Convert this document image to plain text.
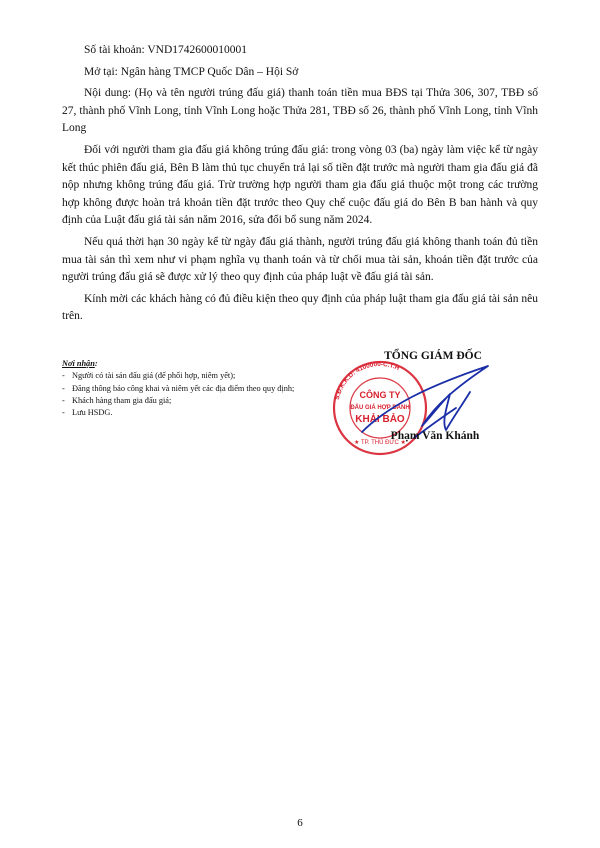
Số tài khoản: VND1742600010001

Mở tại: Ngân hàng TMCP Quốc Dân – Hội Sở

Nội dung: (Họ và tên người trúng đấu giá) thanh toán tiền mua BĐS tại Thửa 306, 307, TBĐ số 27, thành phố Vĩnh Long, tỉnh Vĩnh Long hoặc Thửa 281, TBĐ số 26, thành phố Vĩnh Long, tỉnh Vĩnh Long

Đối với người tham gia đấu giá không trúng đấu giá: trong vòng 03 (ba) ngày làm việc kể từ ngày kết thúc phiên đấu giá, Bên B làm thủ tục chuyển trả lại số tiền đặt trước mà người tham gia đấu giá đã nộp nhưng không trúng đấu giá. Trừ trường hợp người tham gia đấu giá thuộc một trong các trường hợp không được hoàn trả khoản tiền đặt trước theo Quy chế cuộc đấu giá do Bên B ban hành và quy định của Luật đấu giá tài sản năm 2016, sửa đổi bổ sung năm 2024.

Nếu quá thời hạn 30 ngày kể từ ngày đấu giá thành, người trúng đấu giá không thanh toán đủ tiền mua tài sản thì xem như vi phạm nghĩa vụ thanh toán và từ chối mua tài sản, khoản tiền đặt trước của người trúng đấu giá sẽ được xử lý theo quy định của pháp luật về đấu giá tài sản.

Kính mời các khách hàng có đủ điều kiện theo quy định của pháp luật tham gia đấu giá tài sản nêu trên.

Nơi nhận:
- Người có tài sản đấu giá (để phối hợp, niêm yết);
- Đăng thông báo công khai và niêm yết các địa điểm theo quy định;
- Khách hàng tham gia đấu giá;
- Lưu HSDG.
S.Đ.K.K.D: 4100000-C.T.H
CÔNG TY
ĐẤU GIÁ HỢP DANH
KHẢI BẢO
★ TP. THỦ ĐỨC ★
TỔNG GIÁM ĐỐC
Phạm Văn Khánh
6
